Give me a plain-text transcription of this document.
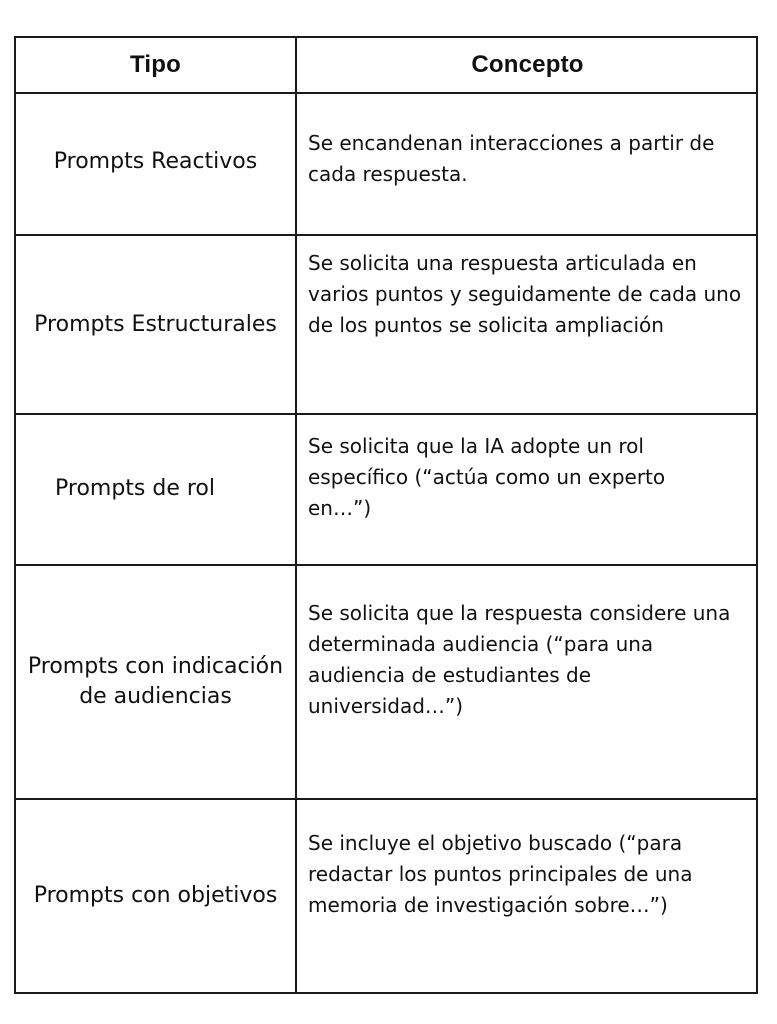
Tipo	Concepto
Prompts Reactivos
Se encandenan interacciones a partir de cada respuesta.
Prompts Estructurales
Se solicita una respuesta articulada en varios puntos y seguidamente de cada uno de los puntos se solicita ampliación
Prompts de rol
Se solicita que la IA adopte un rol específico (“actúa como un experto en…”)
Prompts con indicación de audiencias
Se solicita que la respuesta considere una determinada audiencia (“para una audiencia de estudiantes de universidad…”)
Prompts con objetivos
Se incluye el objetivo buscado (“para redactar los puntos principales de una memoria de investigación sobre…”)
